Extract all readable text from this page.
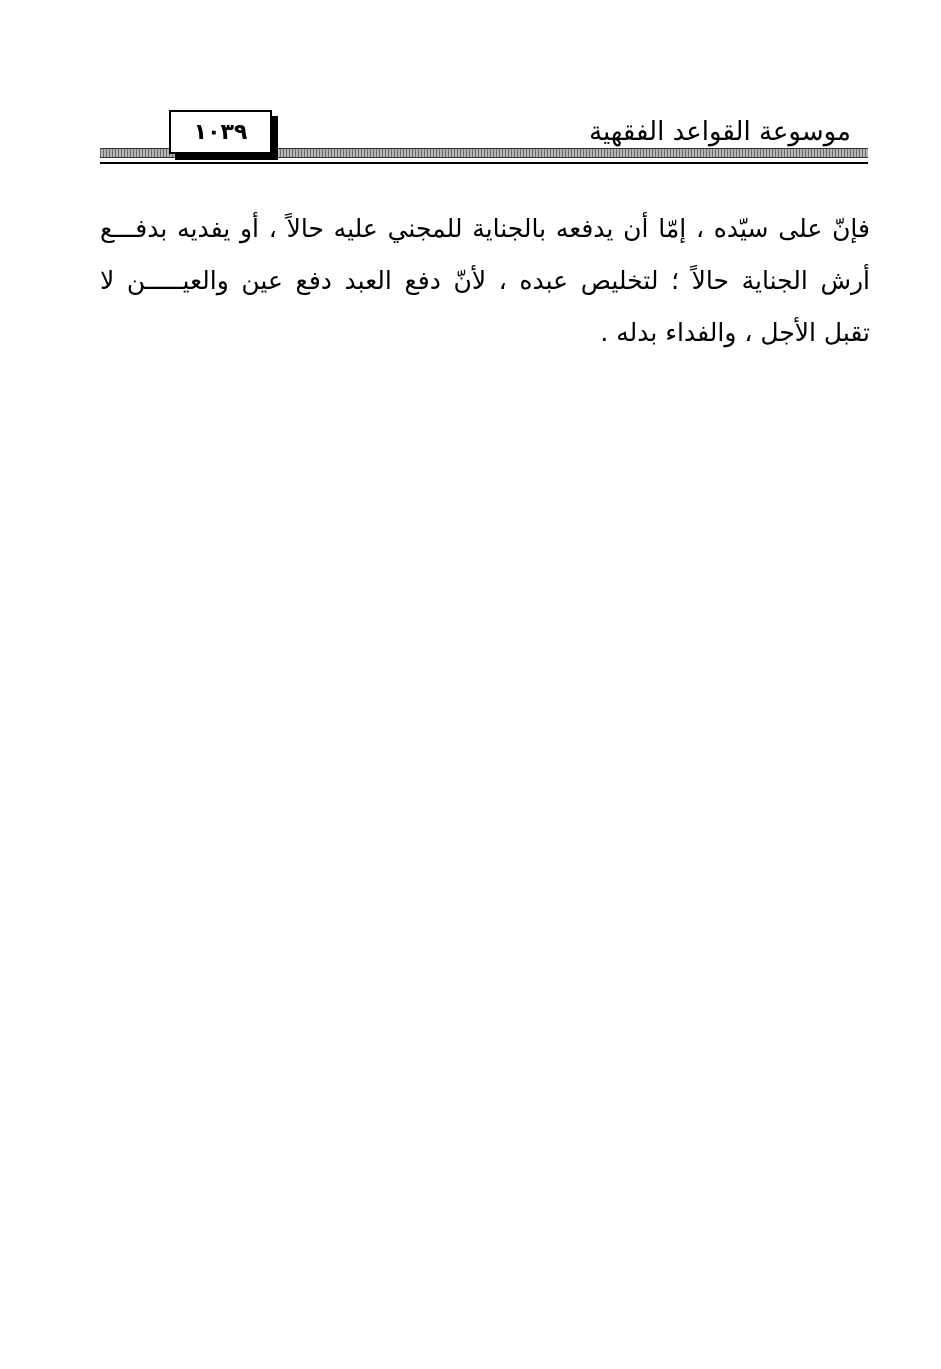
موسوعة القواعد الفقهية
١٠٣٩
فإنّ على سيّده ، إمّا أن يدفعه بالجناية للمجني عليه حالاً ، أو يفديه بدفـــع
أرش الجناية حالاً ؛ لتخليص عبده ، لأنّ دفع العبد دفع عين والعيـــــن لا
تقبل الأجل ، والفداء بدله .
